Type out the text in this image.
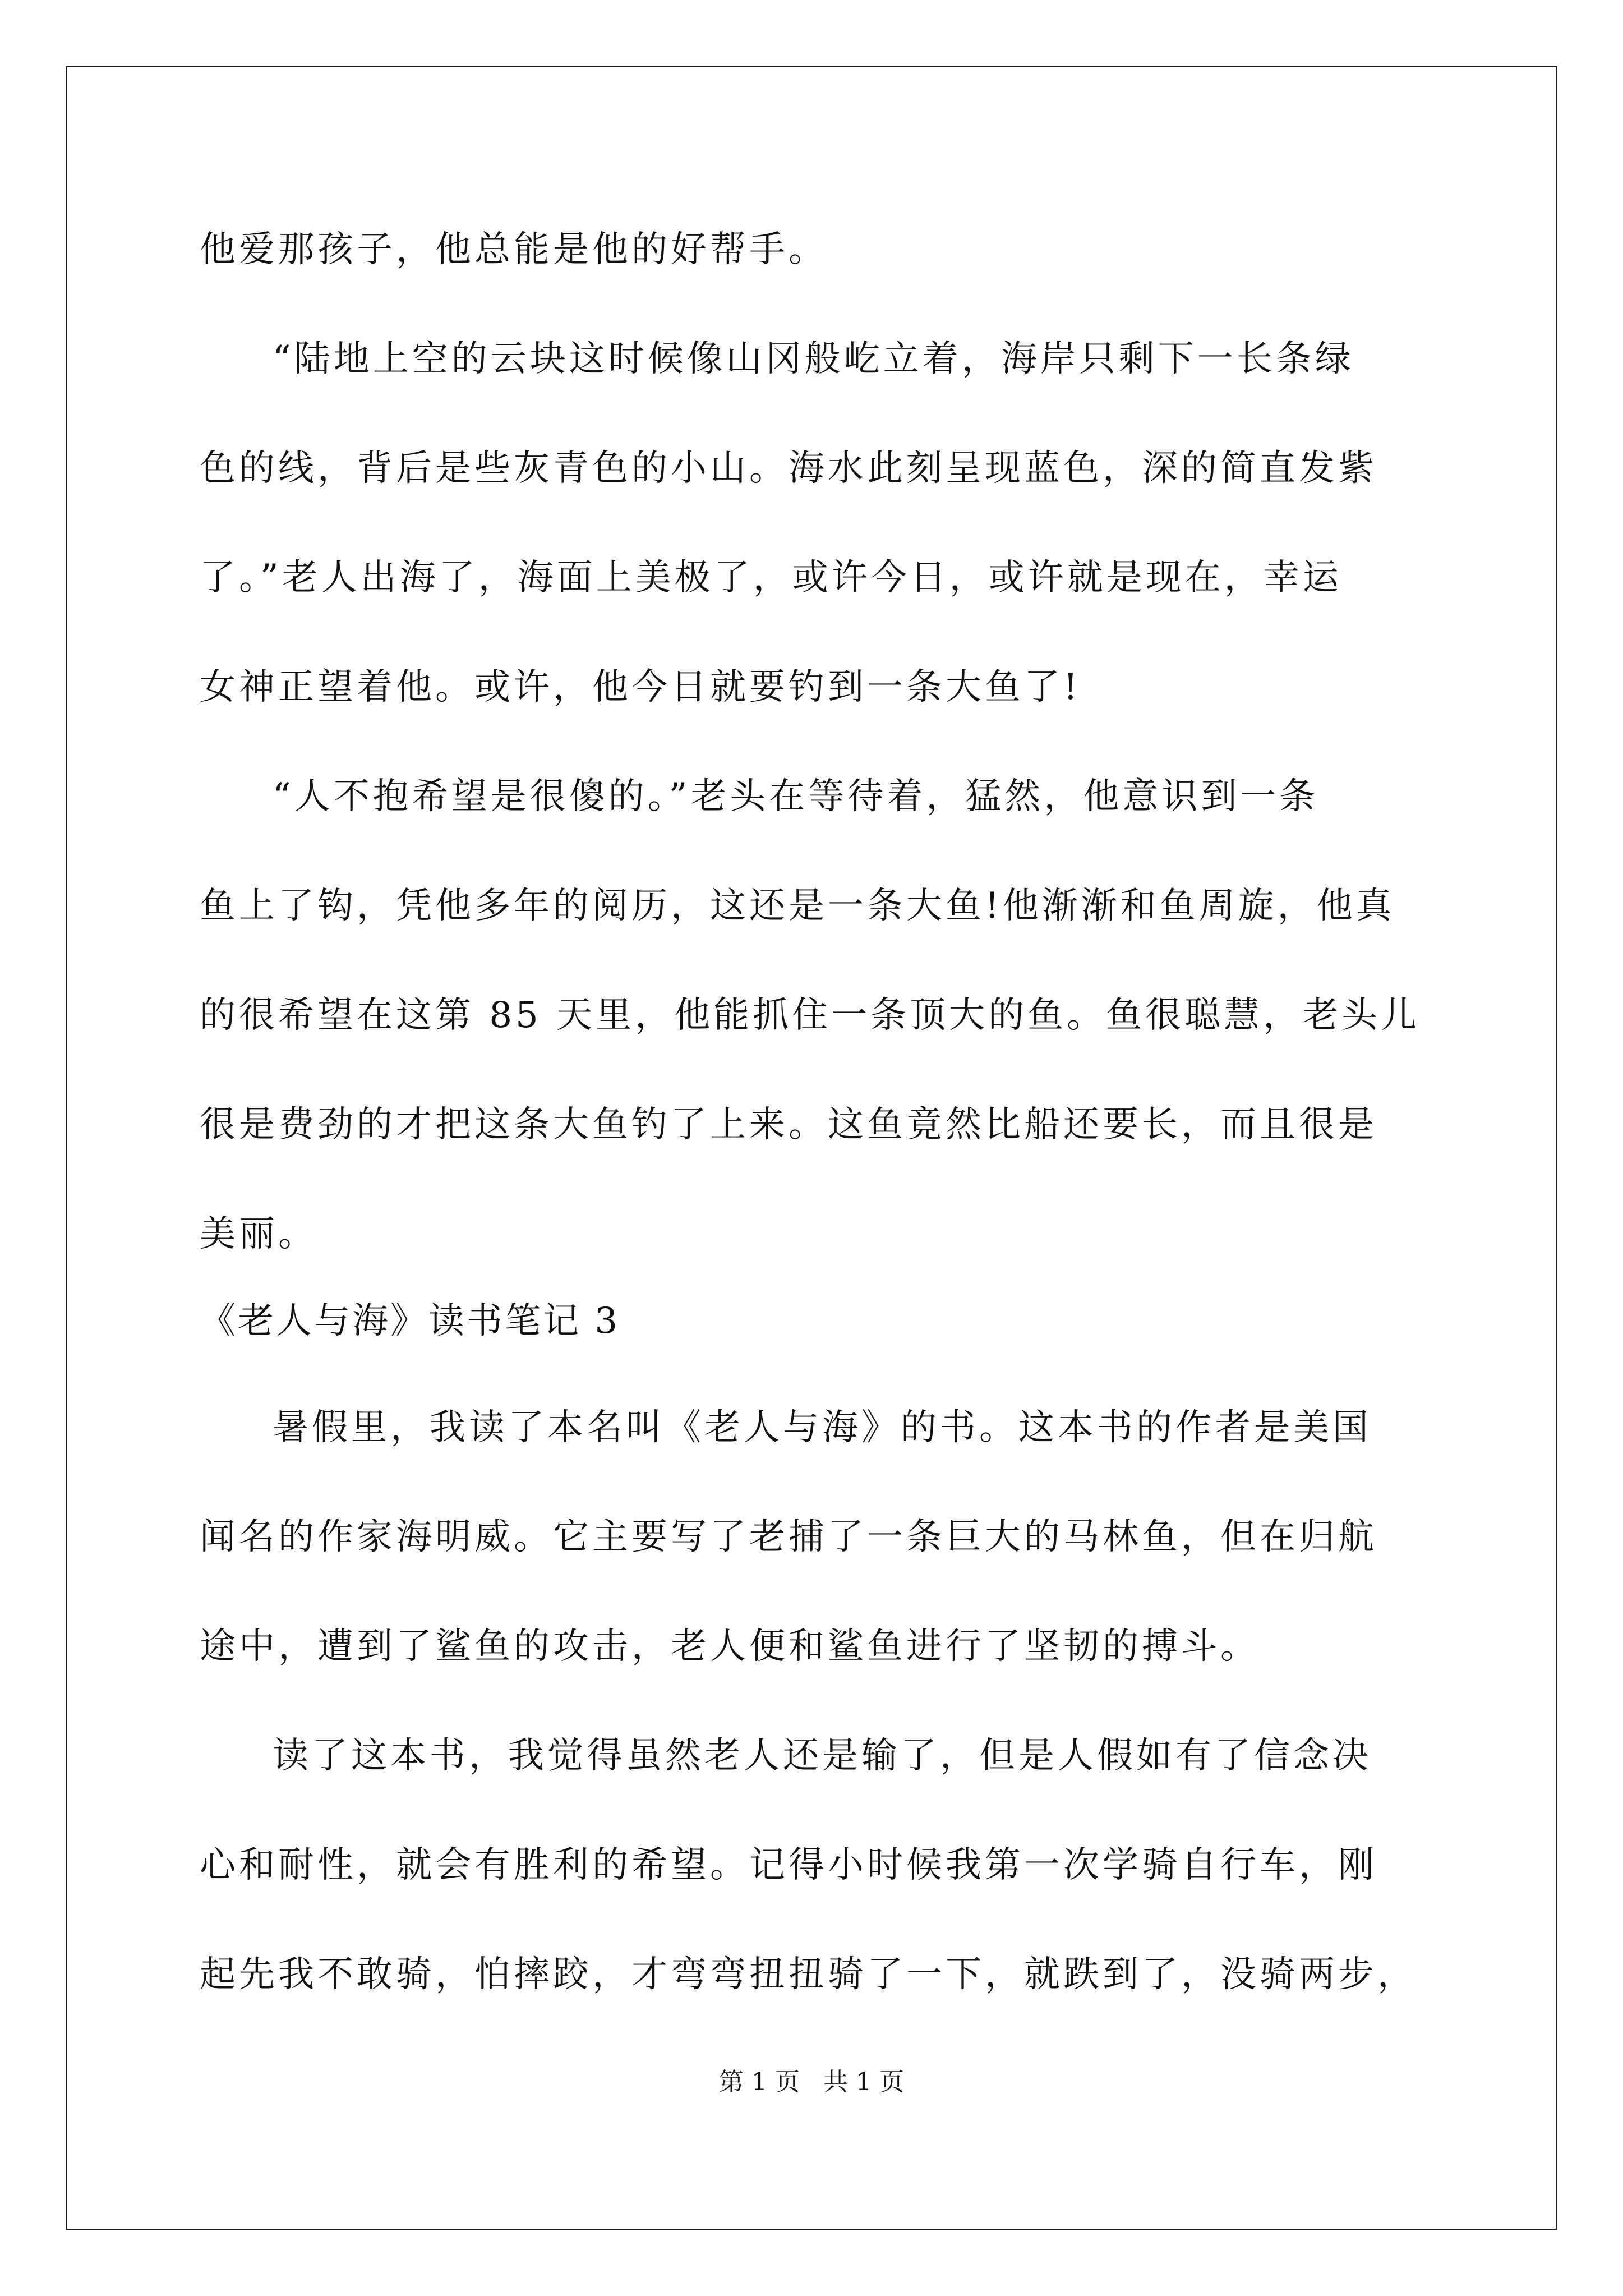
他爱那孩子，他总能是他的好帮手。
“陆地上空的云块这时候像山冈般屹立着，海岸只剩下一长条绿
色的线，背后是些灰青色的小山。海水此刻呈现蓝色，深的简直发紫
了。”老人出海了，海面上美极了，或许今日，或许就是现在，幸运
女神正望着他。或许，他今日就要钓到一条大鱼了!
“人不抱希望是很傻的。”老头在等待着，猛然，他意识到一条
鱼上了钩，凭他多年的阅历，这还是一条大鱼!他渐渐和鱼周旋，他真
的很希望在这第 85 天里，他能抓住一条顶大的鱼。鱼很聪慧，老头儿
很是费劲的才把这条大鱼钓了上来。这鱼竟然比船还要长，而且很是
美丽。
《老人与海》读书笔记 3
暑假里，我读了本名叫《老人与海》的书。这本书的作者是美国
闻名的作家海明威。它主要写了老捕了一条巨大的马林鱼，但在归航
途中，遭到了鲨鱼的攻击，老人便和鲨鱼进行了坚韧的搏斗。
读了这本书，我觉得虽然老人还是输了，但是人假如有了信念决
心和耐性，就会有胜利的希望。记得小时候我第一次学骑自行车，刚
起先我不敢骑，怕摔跤，才弯弯扭扭骑了一下，就跌到了，没骑两步，
第 1 页   共 1 页
